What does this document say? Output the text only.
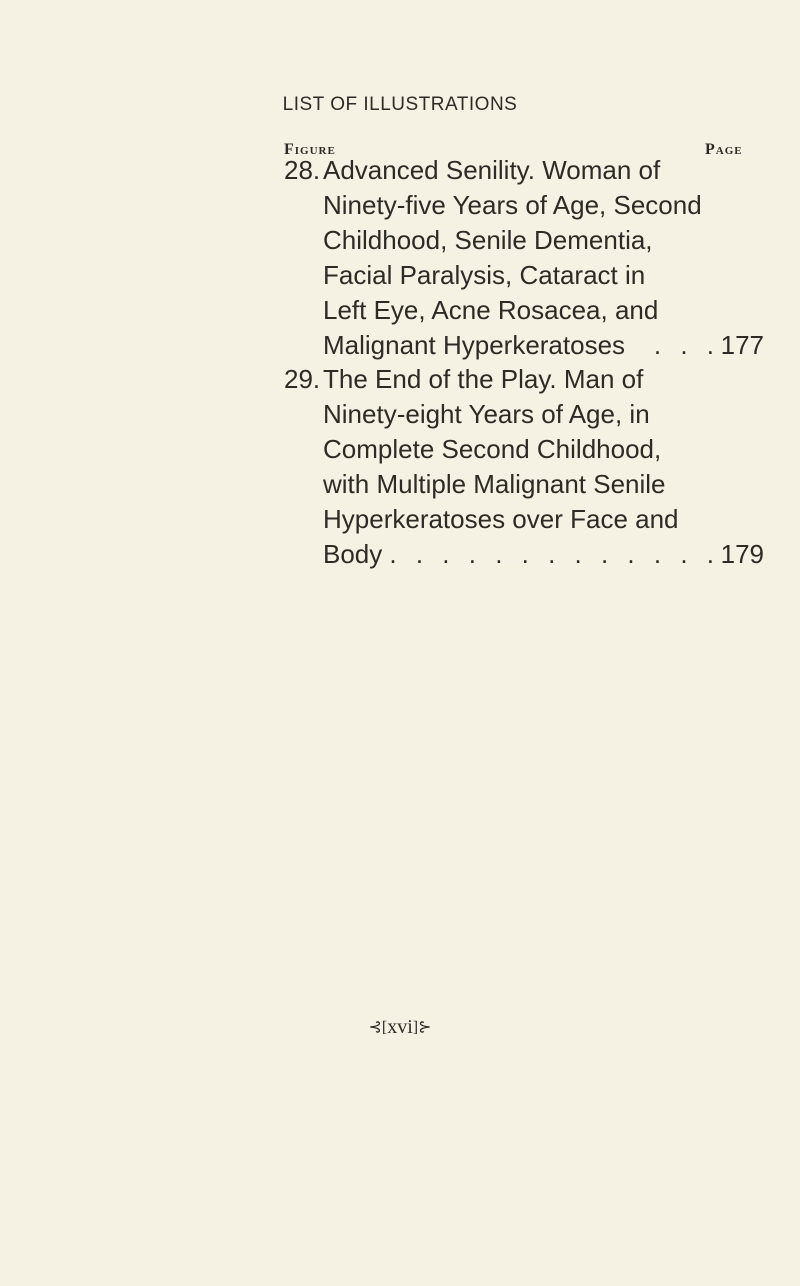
LIST OF ILLUSTRATIONS
Figure	Page
28. Advanced Senility. Woman of
Ninety-five Years of Age, Second
Childhood, Senile Dementia,
Facial Paralysis, Cataract in
Left Eye, Acne Rosacea, and
Malignant Hyperkeratoses	. . . 177
29. The End of the Play. Man of
Ninety-eight Years of Age, in
Complete Second Childhood,
with Multiple Malignant Senile
Hyperkeratoses over Face and
Body . . . . . . . . . . . . . 179
⊰[xvi]⊱
